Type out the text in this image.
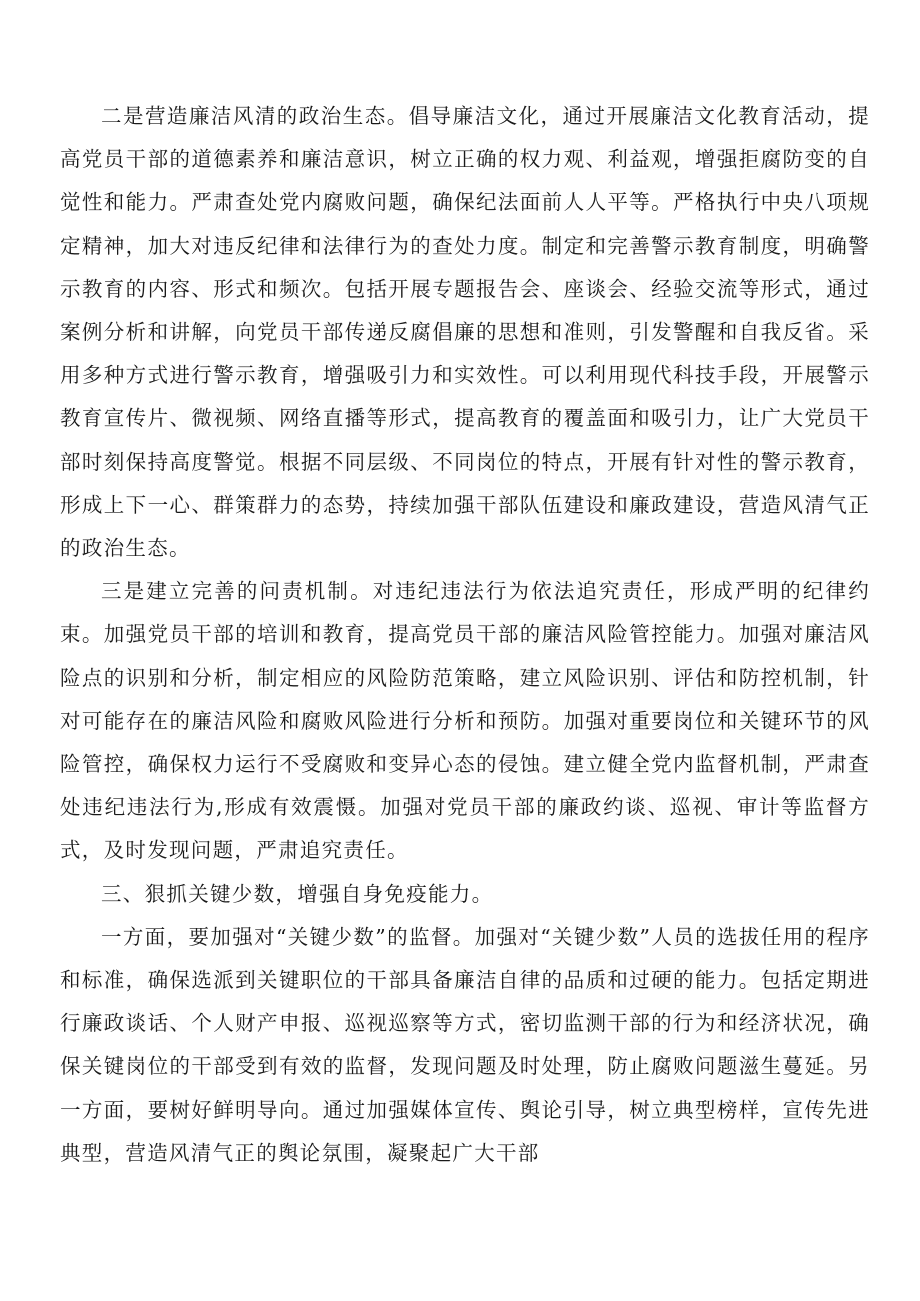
二是营造廉洁风清的政治生态。倡导廉洁文化，通过开展廉洁文化教育活动，提高党员干部的道德素养和廉洁意识，树立正确的权力观、利益观，增强拒腐防变的自觉性和能力。严肃查处党内腐败问题，确保纪法面前人人平等。严格执行中央八项规定精神，加大对违反纪律和法律行为的查处力度。制定和完善警示教育制度，明确警示教育的内容、形式和频次。包括开展专题报告会、座谈会、经验交流等形式，通过案例分析和讲解，向党员干部传递反腐倡廉的思想和准则，引发警醒和自我反省。采用多种方式进行警示教育，增强吸引力和实效性。可以利用现代科技手段，开展警示教育宣传片、微视频、网络直播等形式，提高教育的覆盖面和吸引力，让广大党员干部时刻保持高度警觉。根据不同层级、不同岗位的特点，开展有针对性的警示教育，形成上下一心、群策群力的态势，持续加强干部队伍建设和廉政建设，营造风清气正的政治生态。

三是建立完善的问责机制。对违纪违法行为依法追究责任，形成严明的纪律约束。加强党员干部的培训和教育，提高党员干部的廉洁风险管控能力。加强对廉洁风险点的识别和分析，制定相应的风险防范策略，建立风险识别、评估和防控机制，针对可能存在的廉洁风险和腐败风险进行分析和预防。加强对重要岗位和关键环节的风险管控，确保权力运行不受腐败和变异心态的侵蚀。建立健全党内监督机制，严肃查处违纪违法行为,形成有效震慑。加强对党员干部的廉政约谈、巡视、审计等监督方式，及时发现问题，严肃追究责任。

三、狠抓关键少数，增强自身免疫能力。

一方面，要加强对“关键少数”的监督。加强对“关键少数”人员的选拔任用的程序和标准，确保选派到关键职位的干部具备廉洁自律的品质和过硬的能力。包括定期进行廉政谈话、个人财产申报、巡视巡察等方式，密切监测干部的行为和经济状况，确保关键岗位的干部受到有效的监督，发现问题及时处理，防止腐败问题滋生蔓延。另一方面，要树好鲜明导向。通过加强媒体宣传、舆论引导，树立典型榜样，宣传先进典型，营造风清气正的舆论氛围，凝聚起广大干部
